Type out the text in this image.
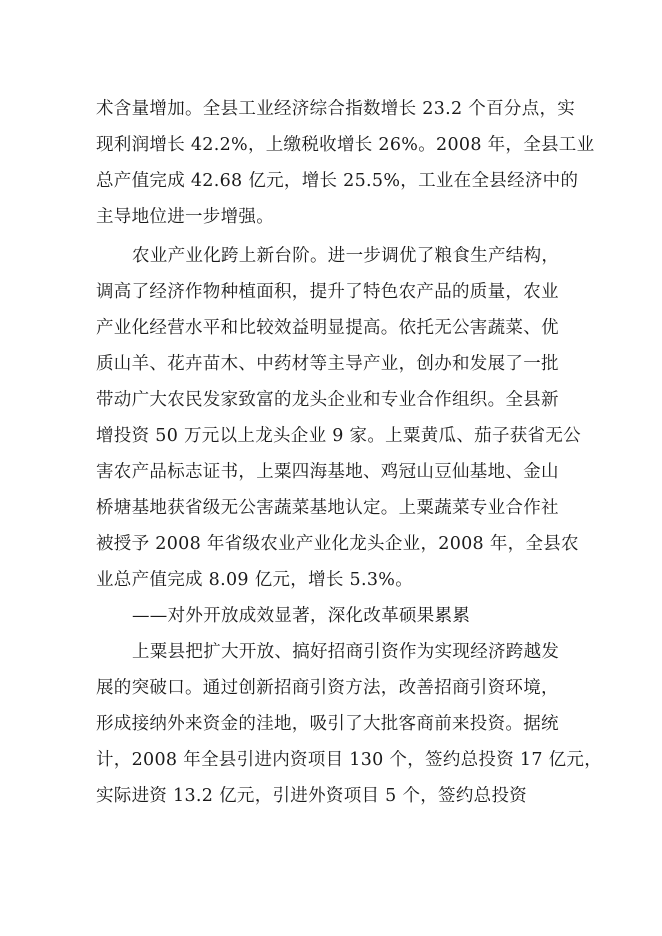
术含量增加。全县工业经济综合指数增长 23.2 个百分点，实
现利润增长 42.2%，上缴税收增长 26%。2008 年，全县工业
总产值完成 42.68 亿元，增长 25.5%，工业在全县经济中的
主导地位进一步增强。
农业产业化跨上新台阶。进一步调优了粮食生产结构，
调高了经济作物种植面积，提升了特色农产品的质量，农业
产业化经营水平和比较效益明显提高。依托无公害蔬菜、优
质山羊、花卉苗木、中药材等主导产业，创办和发展了一批
带动广大农民发家致富的龙头企业和专业合作组织。全县新
增投资 50 万元以上龙头企业 9 家。上粟黄瓜、茄子获省无公
害农产品标志证书，上粟四海基地、鸡冠山豆仙基地、金山
桥塘基地获省级无公害蔬菜基地认定。上粟蔬菜专业合作社
被授予 2008 年省级农业产业化龙头企业，2008 年，全县农
业总产值完成 8.09 亿元，增长 5.3%。
——对外开放成效显著，深化改革硕果累累
上粟县把扩大开放、搞好招商引资作为实现经济跨越发
展的突破口。通过创新招商引资方法，改善招商引资环境，
形成接纳外来资金的洼地，吸引了大批客商前来投资。据统
计，2008 年全县引进内资项目 130 个，签约总投资 17 亿元，
实际进资 13.2 亿元，引进外资项目 5 个，签约总投资
